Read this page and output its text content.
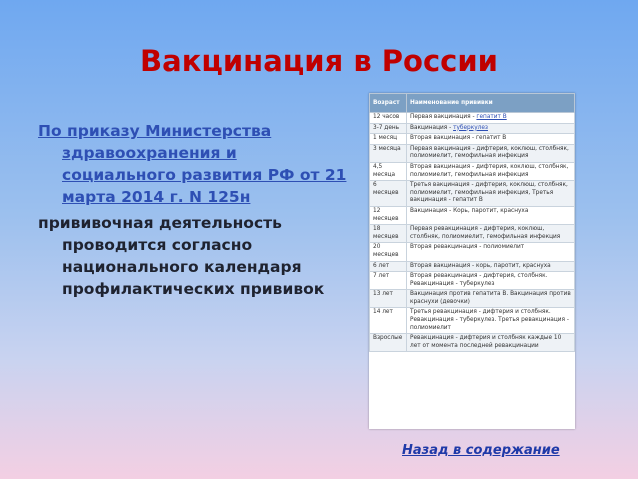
Вакцинация в России

По приказу Министерства здравоохранения и социального развития РФ от 21 марта 2014 г. N 125н

прививочная деятельность проводится согласно национального календаря профилактических прививок

Возраст	Наименование прививки
12 часов	Первая вакцинация - гепатит В
3-7 день	Вакцинация - туберкулез
1 месяц	Вторая вакцинация - гепатит В
3 месяца	Первая вакцинация - дифтерия, коклюш, столбняк, полиомиелит, гемофильная инфекция
4,5 месяца	Вторая вакцинация - дифтерия, коклюш, столбняк, полиомиелит, гемофильная инфекция
6 месяцев	Третья вакцинация - дифтерия, коклюш, столбняк, полиомиелит, гемофильная инфекция, Третья вакцинация - гепатит В
12 месяцев	Вакцинация - Корь, паротит, краснуха
18 месяцев	Первая ревакцинация - дифтерия, коклюш, столбняк, полиомиелит, гемофильная инфекция
20 месяцев	Вторая ревакцинация - полиомиелит
6 лет	Вторая вакцинация - корь, паротит, краснуха
7 лет	Вторая ревакцинация - дифтерия, столбняк. Ревакцинация - туберкулез
13 лет	Вакцинация против гепатита В. Вакцинация против краснухи (девочки)
14 лет	Третья ревакцинация - дифтерия и столбняк. Ревакцинация - туберкулез. Третья ревакцинация - полиомиелит
Взрослые	Ревакцинация - дифтерия и столбняк каждые 10 лет от момента последней ревакцинации
Назад в содержание
